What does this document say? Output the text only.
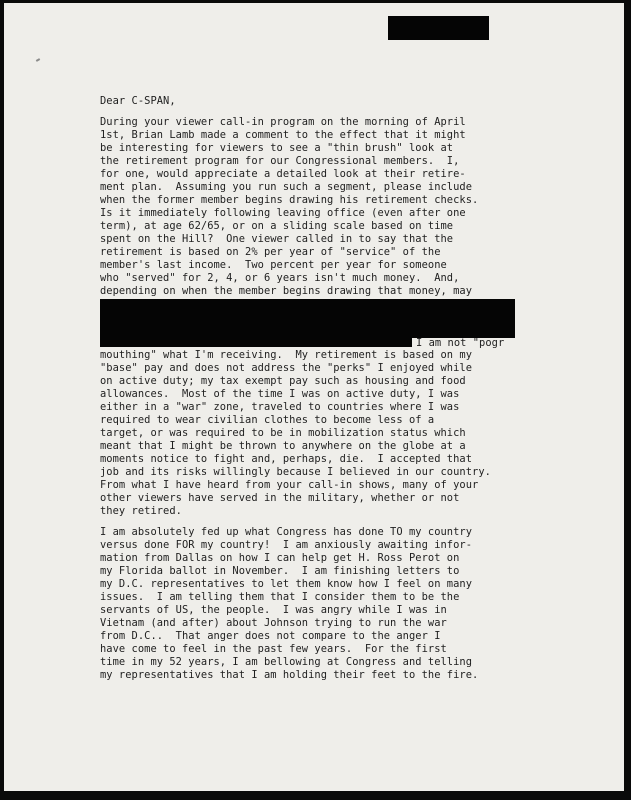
Dear C-SPAN,
During your viewer call-in program on the morning of April
1st, Brian Lamb made a comment to the effect that it might
be interesting for viewers to see a "thin brush" look at
the retirement program for our Congressional members.  I,
for one, would appreciate a detailed look at their retire-
ment plan.  Assuming you run such a segment, please include
when the former member begins drawing his retirement checks.
Is it immediately following leaving office (even after one
term), at age 62/65, or on a sliding scale based on time
spent on the Hill?  One viewer called in to say that the
retirement is based on 2% per year of "service" of the
member's last income.  Two percent per year for someone
who "served" for 2, 4, or 6 years isn't much money.  And,
depending on when the member begins drawing that money, may
I am not "pogr
mouthing" what I'm receiving.  My retirement is based on my
"base" pay and does not address the "perks" I enjoyed while
on active duty; my tax exempt pay such as housing and food
allowances.  Most of the time I was on active duty, I was
either in a "war" zone, traveled to countries where I was
required to wear civilian clothes to become less of a
target, or was required to be in mobilization status which
meant that I might be thrown to anywhere on the globe at a
moments notice to fight and, perhaps, die.  I accepted that
job and its risks willingly because I believed in our country.
From what I have heard from your call-in shows, many of your
other viewers have served in the military, whether or not
they retired.
I am absolutely fed up what Congress has done TO my country
versus done FOR my country!  I am anxiously awaiting infor-
mation from Dallas on how I can help get H. Ross Perot on
my Florida ballot in November.  I am finishing letters to
my D.C. representatives to let them know how I feel on many
issues.  I am telling them that I consider them to be the
servants of US, the people.  I was angry while I was in
Vietnam (and after) about Johnson trying to run the war
from D.C..  That anger does not compare to the anger I
have come to feel in the past few years.  For the first
time in my 52 years, I am bellowing at Congress and telling
my representatives that I am holding their feet to the fire.
